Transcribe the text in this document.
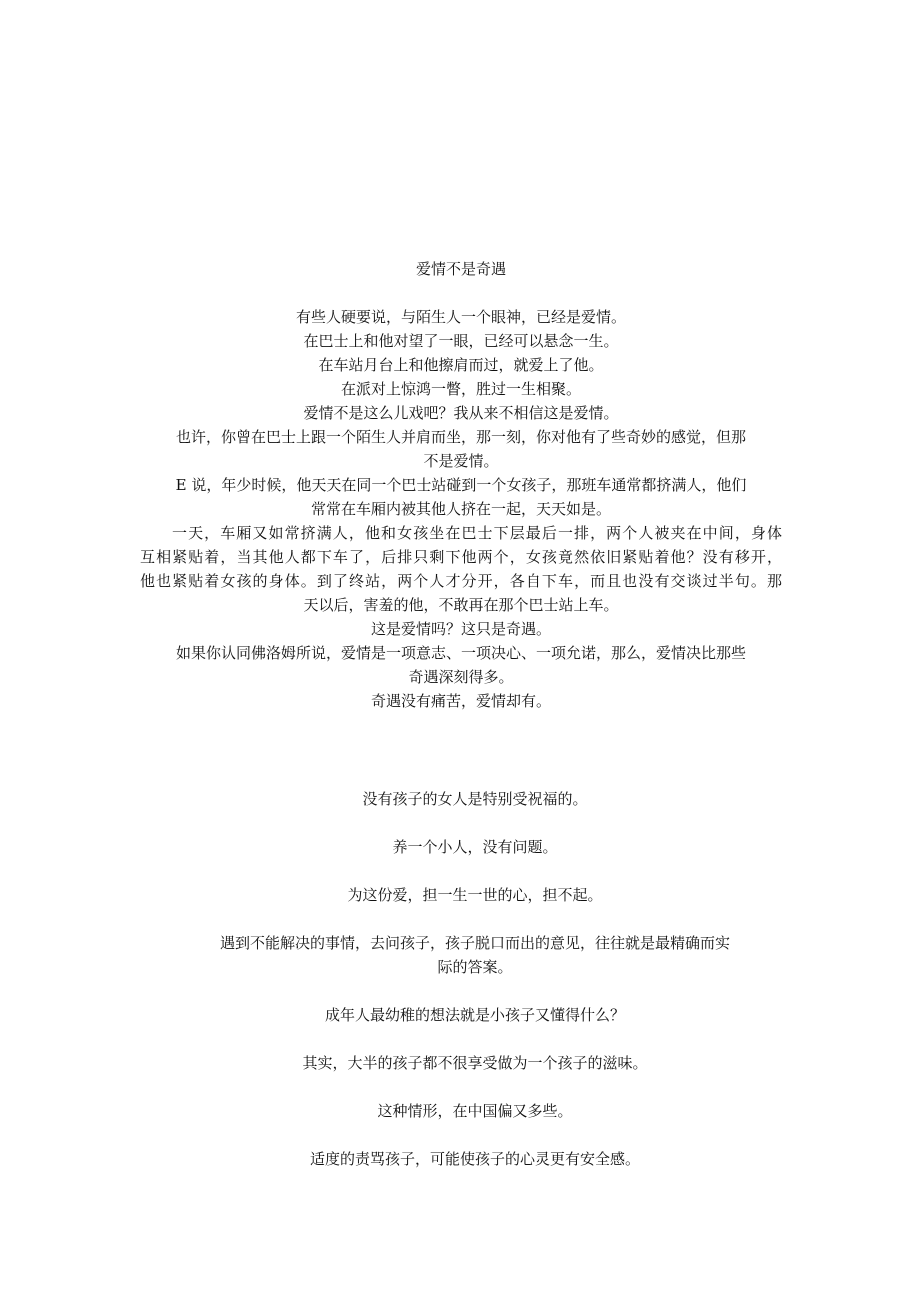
爱情不是奇遇
有些人硬要说，与陌生人一个眼神，已经是爱情。
在巴士上和他对望了一眼，已经可以悬念一生。
在车站月台上和他擦肩而过，就爱上了他。
在派对上惊鸿一瞥，胜过一生相聚。
爱情不是这么儿戏吧？我从来不相信这是爱情。
也许，你曾在巴士上跟一个陌生人并肩而坐，那一刻，你对他有了些奇妙的感觉，但那
不是爱情。
E 说，年少时候，他天天在同一个巴士站碰到一个女孩子，那班车通常都挤满人，他们
常常在车厢内被其他人挤在一起，天天如是。
一天，车厢又如常挤满人，他和女孩坐在巴士下层最后一排，两个人被夹在中间，身体
互相紧贴着，当其他人都下车了，后排只剩下他两个，女孩竟然依旧紧贴着他？没有移开，
他也紧贴着女孩的身体。到了终站，两个人才分开，各自下车，而且也没有交谈过半句。那
天以后，害羞的他，不敢再在那个巴士站上车。
这是爱情吗？这只是奇遇。
如果你认同佛洛姆所说，爱情是一项意志、一项决心、一项允诺，那么，爱情决比那些
奇遇深刻得多。
奇遇没有痛苦，爱情却有。
没有孩子的女人是特别受祝福的。
养一个小人，没有问题。
为这份爱，担一生一世的心，担不起。
遇到不能解决的事情，去问孩子，孩子脱口而出的意见，往往就是最精确而实
际的答案。
成年人最幼稚的想法就是小孩子又懂得什么？
其实，大半的孩子都不很享受做为一个孩子的滋味。
这种情形，在中国偏又多些。
适度的责骂孩子，可能使孩子的心灵更有安全感。
